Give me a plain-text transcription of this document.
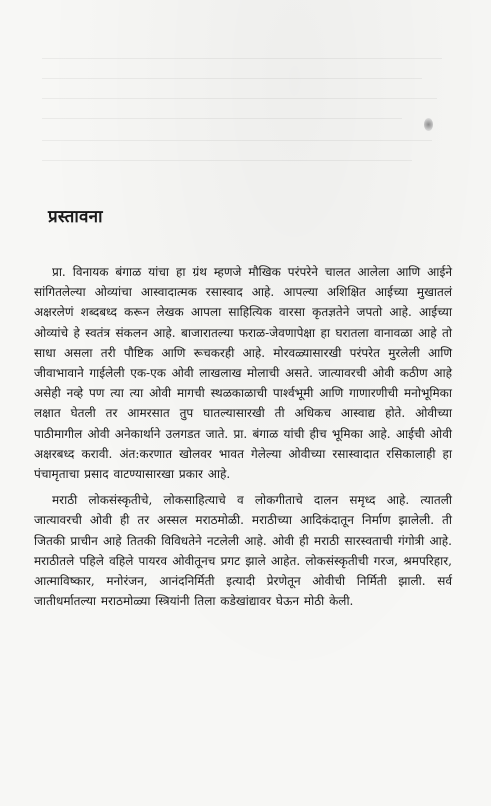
प्रस्तावना

प्रा. विनायक बंगाळ यांचा हा ग्रंथ म्हणजे मौखिक परंपरेने चालत आलेला आणि आईने सांगितलेल्या ओव्यांचा आस्वादात्मक रसास्वाद आहे. आपल्या अशिक्षित आईच्या मुखातलं अक्षरलेणं शब्दबध्द करून लेखक आपला साहित्यिक वारसा कृतज्ञतेने जपतो आहे. आईच्या ओव्यांचे हे स्वतंत्र संकलन आहे. बाजारातल्या फराळ-जेवणापेक्षा हा घरातला वानावळा आहे तो साधा असला तरी पौष्टिक आणि रूचकरही आहे. मोरवळ्यासारखी परंपरेत मुरलेली आणि जीवाभावाने गाईलेली एक-एक ओवी लाखलाख मोलाची असते. जात्यावरची ओवी कठीण आहे असेही नव्हे पण त्या त्या ओवी मागची स्थळकाळाची पार्श्वभूमी आणि गाणारणीची मनोभूमिका लक्षात घेतली तर आमरसात तुप घातल्यासारखी ती अधिकच आस्वाद्य होते. ओवीच्या पाठीमागील ओवी अनेकार्थाने उलगडत जाते. प्रा. बंगाळ यांची हीच भूमिका आहे. आईची ओवी अक्षरबध्द करावी. अंत:करणात खोलवर भावत गेलेल्या ओवीच्या रसास्वादात रसिकालाही हा पंचामृताचा प्रसाद वाटण्यासारखा प्रकार आहे.

मराठी लोकसंस्कृतीचे, लोकसाहित्याचे व लोकगीताचे दालन समृध्द आहे. त्यातली जात्यावरची ओवी ही तर अस्सल मराठमोळी. मराठीच्या आदिकंदातून निर्माण झालेली. ती जितकी प्राचीन आहे तितकी विविधतेने नटलेली आहे. ओवी ही मराठी सारस्वताची गंगोत्री आहे. मराठीतले पहिले वहिले पायरव ओवीतूनच प्रगट झाले आहेत. लोकसंस्कृतीची गरज, श्रमपरिहार, आत्माविष्कार, मनोरंजन, आनंदनिर्मिती इत्यादी प्रेरणेतून ओवीची निर्मिती झाली. सर्व जातीधर्मातल्या मराठमोळ्या स्त्रियांनी तिला कडेखांद्यावर घेऊन मोठी केली.
